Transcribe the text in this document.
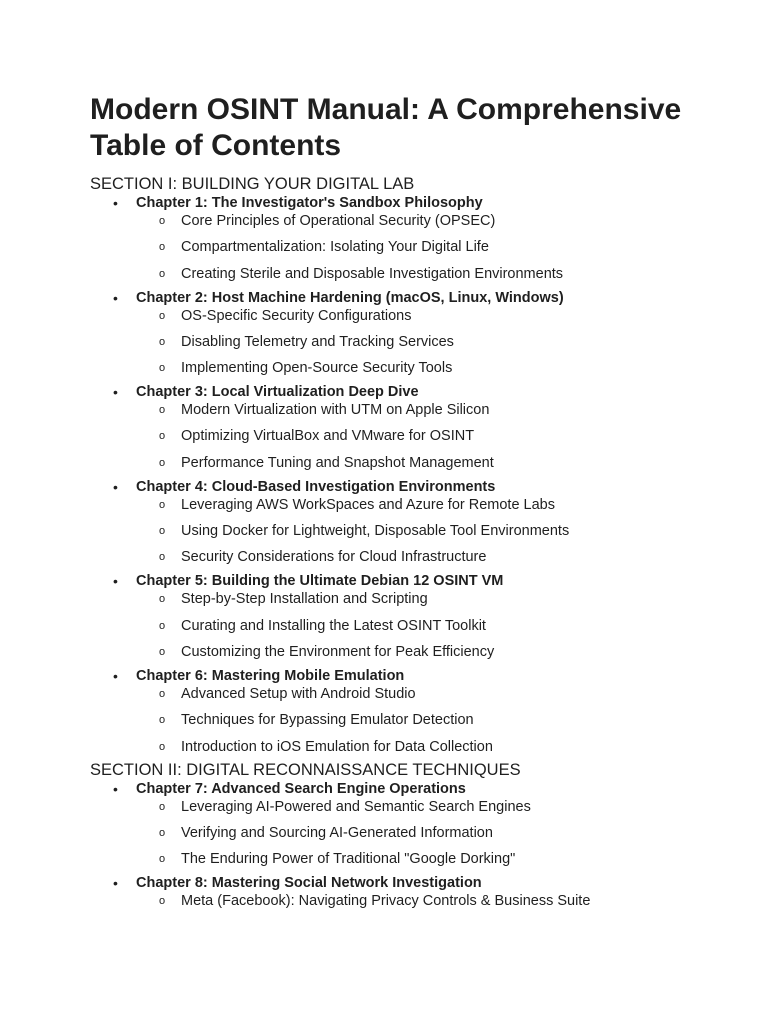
Modern OSINT Manual: A Comprehensive Table of Contents
SECTION I: BUILDING YOUR DIGITAL LAB
• Chapter 1: The Investigator's Sandbox Philosophy
o Core Principles of Operational Security (OPSEC)
o Compartmentalization: Isolating Your Digital Life
o Creating Sterile and Disposable Investigation Environments
• Chapter 2: Host Machine Hardening (macOS, Linux, Windows)
o OS-Specific Security Configurations
o Disabling Telemetry and Tracking Services
o Implementing Open-Source Security Tools
• Chapter 3: Local Virtualization Deep Dive
o Modern Virtualization with UTM on Apple Silicon
o Optimizing VirtualBox and VMware for OSINT
o Performance Tuning and Snapshot Management
• Chapter 4: Cloud-Based Investigation Environments
o Leveraging AWS WorkSpaces and Azure for Remote Labs
o Using Docker for Lightweight, Disposable Tool Environments
o Security Considerations for Cloud Infrastructure
• Chapter 5: Building the Ultimate Debian 12 OSINT VM
o Step-by-Step Installation and Scripting
o Curating and Installing the Latest OSINT Toolkit
o Customizing the Environment for Peak Efficiency
• Chapter 6: Mastering Mobile Emulation
o Advanced Setup with Android Studio
o Techniques for Bypassing Emulator Detection
o Introduction to iOS Emulation for Data Collection
SECTION II: DIGITAL RECONNAISSANCE TECHNIQUES
• Chapter 7: Advanced Search Engine Operations
o Leveraging AI-Powered and Semantic Search Engines
o Verifying and Sourcing AI-Generated Information
o The Enduring Power of Traditional "Google Dorking"
• Chapter 8: Mastering Social Network Investigation
o Meta (Facebook): Navigating Privacy Controls & Business Suite
